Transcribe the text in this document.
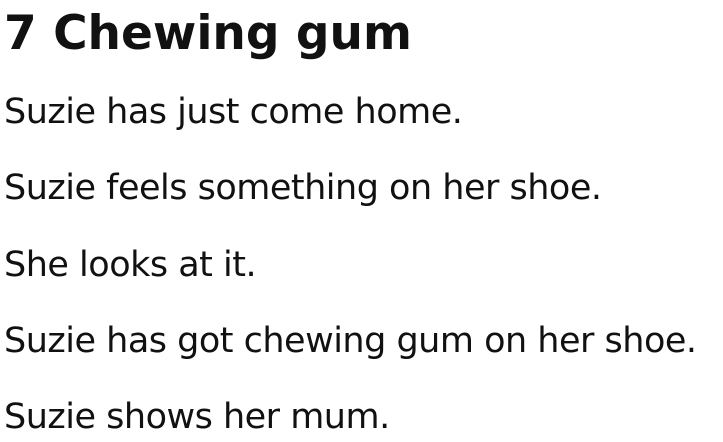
7 Chewing gum

Suzie has just come home.

Suzie feels something on her shoe.

She looks at it.

Suzie has got chewing gum on her shoe.

Suzie shows her mum.
